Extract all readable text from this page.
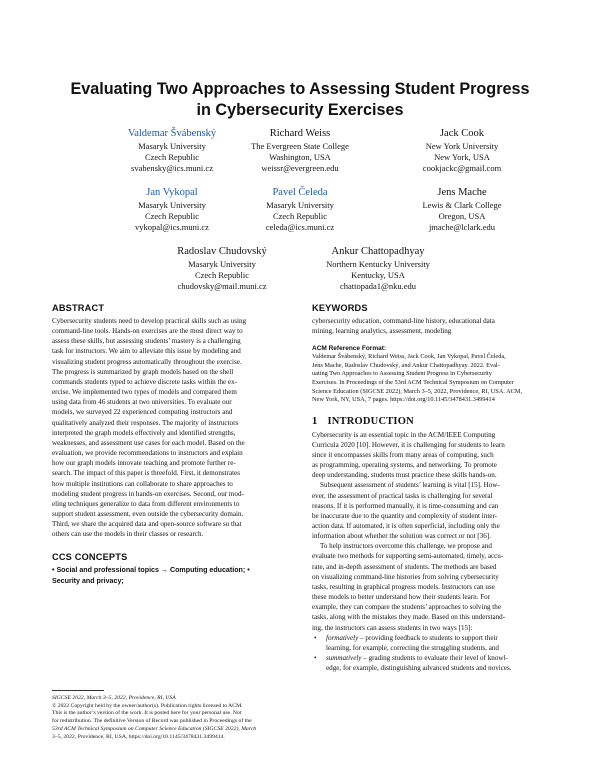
Evaluating Two Approaches to Assessing Student Progress
in Cybersecurity Exercises
Valdemar Švábenský
Masaryk University
Czech Republic
svabensky@ics.muni.cz
Richard Weiss
The Evergreen State College
Washington, USA
weissr@evergreen.edu
Jack Cook
New York University
New York, USA
cookjackc@gmail.com
Jan Vykopal
Masaryk University
Czech Republic
vykopal@ics.muni.cz
Pavel Čeleda
Masaryk University
Czech Republic
celeda@ics.muni.cz
Jens Mache
Lewis & Clark College
Oregon, USA
jmache@lclark.edu
Radoslav Chudovský
Masaryk University
Czech Republic
chudovsky@mail.muni.cz
Ankur Chattopadhyay
Northern Kentucky University
Kentucky, USA
chattopada1@nku.edu
ABSTRACT
Cybersecurity students need to develop practical skills such as using
command-line tools. Hands-on exercises are the most direct way to
assess these skills, but assessing students’ mastery is a challenging
task for instructors. We aim to alleviate this issue by modeling and
visualizing student progress automatically throughout the exercise.
The progress is summarized by graph models based on the shell
commands students typed to achieve discrete tasks within the ex-
ercise. We implemented two types of models and compared them
using data from 46 students at two universities. To evaluate our
models, we surveyed 22 experienced computing instructors and
qualitatively analyzed their responses. The majority of instructors
interpreted the graph models effectively and identified strengths,
weaknesses, and assessment use cases for each model. Based on the
evaluation, we provide recommendations to instructors and explain
how our graph models innovate teaching and promote further re-
search. The impact of this paper is threefold. First, it demonstrates
how multiple institutions can collaborate to share approaches to
modeling student progress in hands-on exercises. Second, our mod-
eling techniques generalize to data from different environments to
support student assessment, even outside the cybersecurity domain.
Third, we share the acquired data and open-source software so that
others can use the models in their classes or research.
CCS CONCEPTS
• Social and professional topics → Computing education; •
Security and privacy;
SIGCSE 2022, March 3–5, 2022, Providence, RI, USA
© 2022 Copyright held by the owner/author(s). Publication rights licensed to ACM.
This is the author’s version of the work. It is posted here for your personal use. Not
for redistribution. The definitive Version of Record was published in Proceedings of the
53rd ACM Technical Symposium on Computer Science Education (SIGCSE 2022), March
3–5, 2022, Providence, RI, USA, https://doi.org/10.1145/3478431.3499414.
KEYWORDS
cybersecurity education, command-line history, educational data
mining, learning analytics, assessment, modeling
ACM Reference Format:
Valdemar Švábenský, Richard Weiss, Jack Cook, Jan Vykopal, Pavel Čeleda,
Jens Mache, Radoslav Chudovský, and Ankur Chattopadhyay. 2022. Eval-
uating Two Approaches to Assessing Student Progress in Cybersecurity
Exercises. In Proceedings of the 53rd ACM Technical Symposium on Computer
Science Education (SIGCSE 2022), March 3–5, 2022, Providence, RI, USA. ACM,
New York, NY, USA, 7 pages. https://doi.org/10.1145/3478431.3499414
1 INTRODUCTION
Cybersecurity is an essential topic in the ACM/IEEE Computing
Curricula 2020 [10]. However, it is challenging for students to learn
since it encompasses skills from many areas of computing, such
as programming, operating systems, and networking. To promote
deep understanding, students must practice these skills hands-on.
Subsequent assessment of students’ learning is vital [15]. How-
ever, the assessment of practical tasks is challenging for several
reasons. If it is performed manually, it is time-consuming and can
be inaccurate due to the quantity and complexity of student inter-
action data. If automated, it is often superficial, including only the
information about whether the solution was correct or not [36].
To help instructors overcome this challenge, we propose and
evaluate two methods for supporting semi-automated, timely, accu-
rate, and in-depth assessment of students. The methods are based
on visualizing command-line histories from solving cybersecurity
tasks, resulting in graphical progress models. Instructors can use
these models to better understand how their students learn. For
example, they can compare the students’ approaches to solving the
tasks, along with the mistakes they made. Based on this understand-
ing, the instructors can assess students in two ways [15]:
• formatively – providing feedback to students to support their
learning, for example, correcting the struggling students, and
• summatively – grading students to evaluate their level of knowl-
edge, for example, distinguishing advanced students and novices.
